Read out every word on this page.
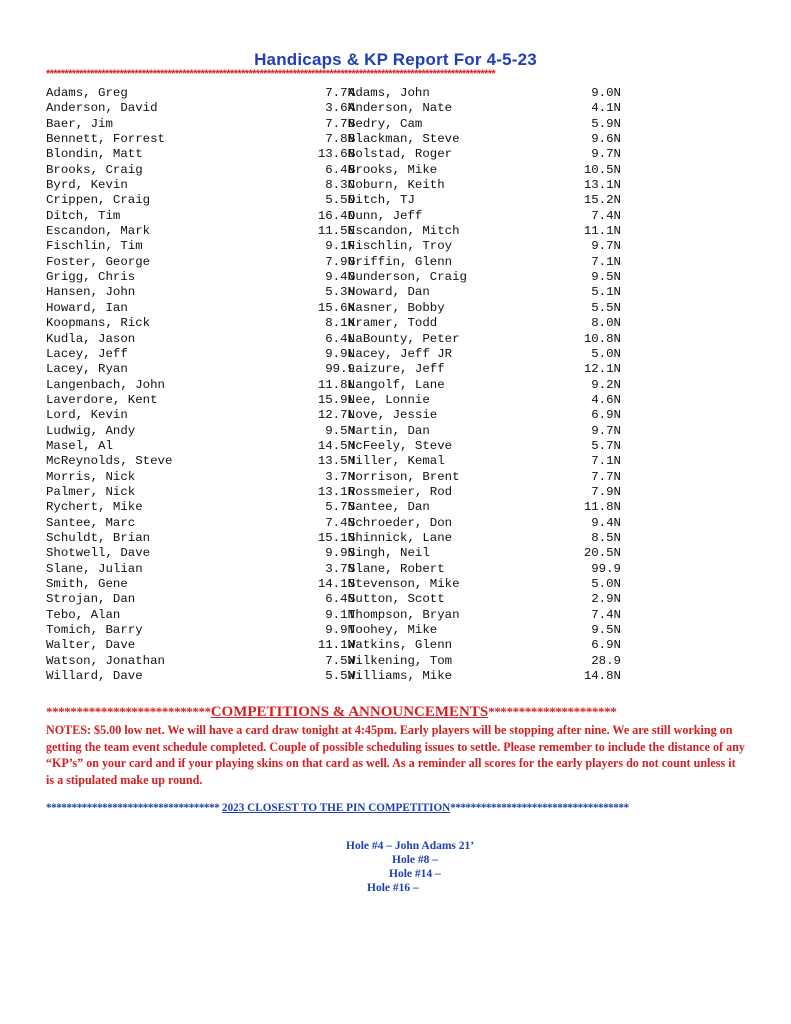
Handicaps & KP Report For 4-5-23
**************************************************************************************************************************
Adams, Greg	7.7N
Adams, John	9.0N
Anderson, David	3.6N
Anderson, Nate	4.1N
Baer, Jim	7.7N
Bedry, Cam	5.9N
Bennett, Forrest	7.8N
Blackman, Steve	9.6N
Blondin, Matt	13.6N
Bolstad, Roger	9.7N
Brooks, Craig	6.4N
Brooks, Mike	10.5N
Byrd, Kevin	8.3N
Coburn, Keith	13.1N
Crippen, Craig	5.5N
Ditch, TJ	15.2N
Ditch, Tim	16.4N
Dunn, Jeff	7.4N
Escandon, Mark	11.5N
Escandon, Mitch	11.1N
Fischlin, Tim	9.1N
Fischlin, Troy	9.7N
Foster, George	7.9N
Griffin, Glenn	7.1N
Grigg, Chris	9.4N
Gunderson, Craig	9.5N
Hansen, John	5.3N
Howard, Dan	5.1N
Howard, Ian	15.6N
Kasner, Bobby	5.5N
Koopmans, Rick	8.1N
Kramer, Todd	8.0N
Kudla, Jason	6.4N
LaBounty, Peter	10.8N
Lacey, Jeff	9.9N
Lacey, Jeff JR	5.0N
Lacey, Ryan	99.9
Laizure, Jeff	12.1N
Langenbach, John	11.8N
Langolf, Lane	9.2N
Laverdore, Kent	15.9N
Lee, Lonnie	4.6N
Lord, Kevin	12.7N
Love, Jessie	6.9N
Ludwig, Andy	9.5N
Martin, Dan	9.7N
Masel, Al	14.5N
McFeely, Steve	5.7N
McReynolds, Steve	13.5N
Miller, Kemal	7.1N
Morris, Nick	3.7N
Morrison, Brent	7.7N
Palmer, Nick	13.1N
Rossmeier, Rod	7.9N
Rychert, Mike	5.7N
Santee, Dan	11.8N
Santee, Marc	7.4N
Schroeder, Don	9.4N
Schuldt, Brian	15.1N
Shinnick, Lane	8.5N
Shotwell, Dave	9.9N
Singh, Neil	20.5N
Slane, Julian	3.7N
Slane, Robert	99.9
Smith, Gene	14.1N
Stevenson, Mike	5.0N
Strojan, Dan	6.4N
Sutton, Scott	2.9N
Tebo, Alan	9.1N
Thompson, Bryan	7.4N
Tomich, Barry	9.9N
Toohey, Mike	9.5N
Walter, Dave	11.1N
Watkins, Glenn	6.9N
Watson, Jonathan	7.5N
Wilkening, Tom	28.9
Willard, Dave	5.5N
Williams, Mike	14.8N
***************************COMPETITIONS & ANNOUNCEMENTS*********************
NOTES: $5.00 low net. We will have a card draw tonight at 4:45pm. Early players will be stopping after nine. We are still working on getting the team event schedule completed. Couple of possible scheduling issues to settle. Please remember to include the distance of any “KP’s” on your card and if your playing skins on that card as well. As a reminder all scores for the early players do not count unless it is a stipulated make up round.
********************************** 2023 CLOSEST TO THE PIN COMPETITION***********************************
Hole #4 – John Adams 21’
Hole #8 –
Hole #14 –
Hole #16 –
